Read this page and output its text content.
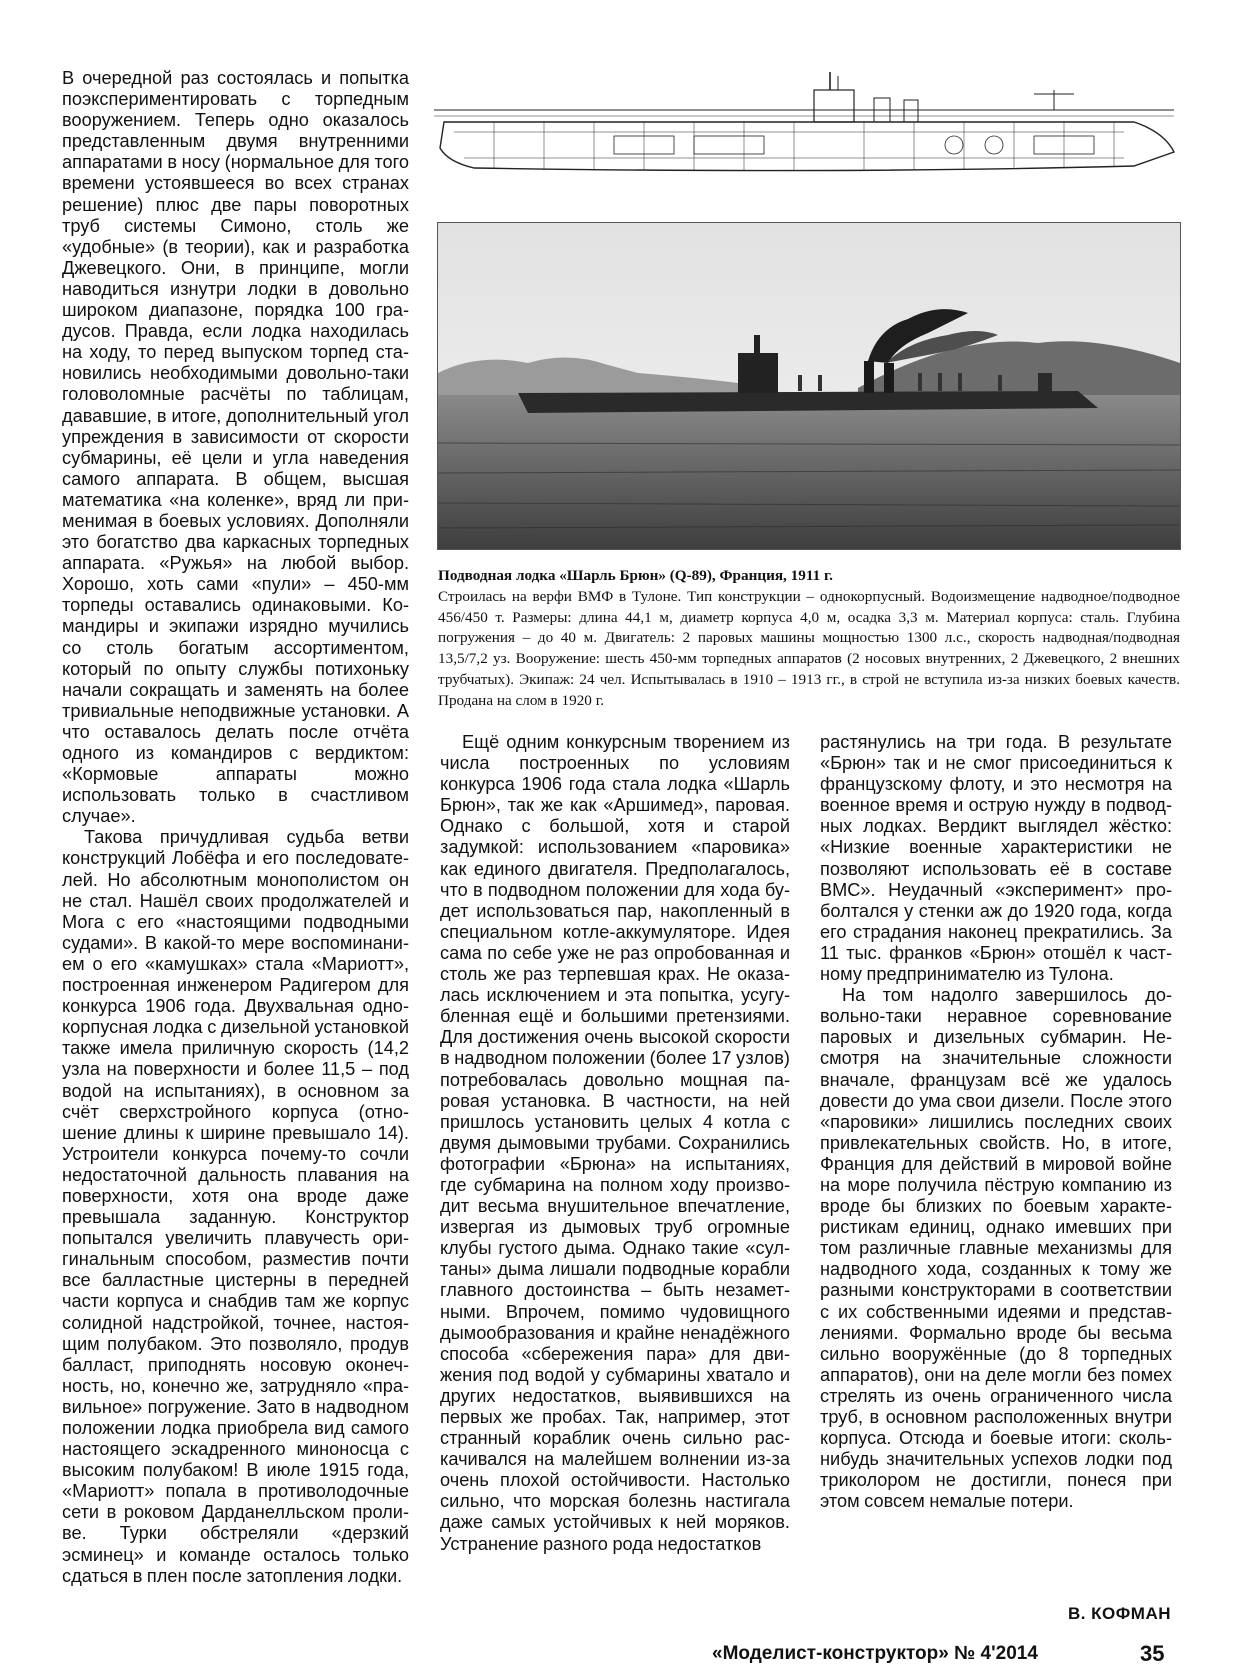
В очередной раз состоялась и попытка поэкспериментировать с торпедным вооружением. Теперь одно оказалось представленным двумя внутренними аппаратами в носу (нормальное для того времени устоявшееся во всех странах решение) плюс две пары поворотных труб системы Симоно, столь же «удобные» (в теории), как и разработка Джевецкого. Они, в принципе, могли наводиться изнутри лодки в довольно широком диапазоне, порядка 100 градусов. Правда, если лодка находилась на ходу, то перед выпуском торпед становились необходимыми довольно-таки головоломные расчёты по таблицам, дававшие, в итоге, дополнительный угол упреждения в зависимости от скорости субмарины, её цели и угла наведения самого аппарата. В общем, высшая математика «на коленке», вряд ли применимая в боевых условиях. Дополняли это богатство два каркасных торпедных аппарата. «Ружья» на любой выбор. Хорошо, хоть сами «пули» – 450-мм торпеды оставались одинаковыми. Командиры и экипажи изрядно мучились со столь богатым ассортиментом, который по опыту службы потихоньку начали сокращать и заменять на более тривиальные неподвижные установки. А что оставалось делать после отчёта одного из командиров с вердиктом: «Кормовые аппараты можно использовать только в счастливом случае».

Такова причудливая судьба ветви конструкций Лобёфа и его последователей. Но абсолютным монополистом он не стал. Нашёл своих продолжателей и Мога с его «настоящими подводными судами». В какой-то мере воспоминанием о его «камушках» стала «Мариотт», построенная инженером Радигером для конкурса 1906 года. Двухвальная однокорпусная лодка с дизельной установкой также имела приличную скорость (14,2 узла на поверхности и более 11,5 – под водой на испытаниях), в основном за счёт сверхстройного корпуса (отношение длины к ширине превышало 14). Устроители конкурса почему-то сочли недостаточной дальность плавания на поверхности, хотя она вроде даже превышала заданную. Конструктор попытался увеличить плавучесть оригинальным способом, разместив почти все балластные цистерны в передней части корпуса и снабдив там же корпус солидной надстройкой, точнее, настоящим полубаком. Это позволяло, продув балласт, приподнять носовую оконечность, но, конечно же, затрудняло «правильное» погружение. Зато в надводном положении лодка приобрела вид самого настоящего эскадренного миноносца с высоким полубаком! В июле 1915 года, «Мариотт» попала в противолодочные сети в роковом Дарданелльском проливе. Турки обстреляли «дерзкий эсминец» и команде осталось только сдаться в плен после затопления лодки.

Подводная лодка «Шарль Брюн» (Q-89), Франция, 1911 г.
Строилась на верфи ВМФ в Тулоне. Тип конструкции – однокорпусный. Водоизмещение надводное/подводное 456/450 т. Размеры: длина 44,1 м, диаметр корпуса 4,0 м, осадка 3,3 м. Материал корпуса: сталь. Глубина погружения – до 40 м. Двигатель: 2 паровых машины мощностью 1300 л.с., скорость надводная/подводная 13,5/7,2 уз. Вооружение: шесть 450-мм торпедных аппаратов (2 носовых внутренних, 2 Джевецкого, 2 внешних трубчатых). Экипаж: 24 чел. Испытывалась в 1910 – 1913 гг., в строй не вступила из-за низких боевых качеств. Продана на слом в 1920 г.

Ещё одним конкурсным творением из числа построенных по условиям конкурса 1906 года стала лодка «Шарль Брюн», так же как «Аршимед», паровая. Однако с большой, хотя и старой задумкой: использованием «паровика» как единого двигателя. Предполагалось, что в подводном положении для хода будет использоваться пар, накопленный в специальном котле-аккумуляторе. Идея сама по себе уже не раз опробованная и столь же раз терпевшая крах. Не оказалась исключением и эта попытка, усугубленная ещё и большими претензиями. Для достижения очень высокой скорости в надводном положении (более 17 узлов) потребовалась довольно мощная паровая установка. В частности, на ней пришлось установить целых 4 котла с двумя дымовыми трубами. Сохранились фотографии «Брюна» на испытаниях, где субмарина на полном ходу производит весьма внушительное впечатление, извергая из дымовых труб огромные клубы густого дыма. Однако такие «султаны» дыма лишали подводные корабли главного достоинства – быть незаметными. Впрочем, помимо чудовищного дымообразования и крайне ненадёжного способа «сбережения пара» для движения под водой у субмарины хватало и других недостатков, выявившихся на первых же пробах. Так, например, этот странный кораблик очень сильно раскачивался на малейшем волнении из-за очень плохой остойчивости. Настолько сильно, что морская болезнь настигала даже самых устойчивых к ней моряков. Устранение разного рода недостатков

растянулись на три года. В результате «Брюн» так и не смог присоединиться к французскому флоту, и это несмотря на военное время и острую нужду в подводных лодках. Вердикт выглядел жёстко: «Низкие военные характеристики не позволяют использовать её в составе ВМС». Неудачный «эксперимент» проболтался у стенки аж до 1920 года, когда его страдания наконец прекратились. За 11 тыс. франков «Брюн» отошёл к частному предпринимателю из Тулона.

На том надолго завершилось довольно-таки неравное соревнование паровых и дизельных субмарин. Несмотря на значительные сложности вначале, французам всё же удалось довести до ума свои дизели. После этого «паровики» лишились последних своих привлекательных свойств. Но, в итоге, Франция для действий в мировой войне на море получила пёструю компанию из вроде бы близких по боевым характеристикам единиц, однако имевших при том различные главные механизмы для надводного хода, созданных к тому же разными конструкторами в соответствии с их собственными идеями и представлениями. Формально вроде бы весьма сильно вооружённые (до 8 торпедных аппаратов), они на деле могли без помех стрелять из очень ограниченного числа труб, в основном расположенных внутри корпуса. Отсюда и боевые итоги: скольнибудь значительных успехов лодки под триколором не достигли, понеся при этом совсем немалые потери.

В. КОФМАН
«Моделист-конструктор» № 4'2014	35
